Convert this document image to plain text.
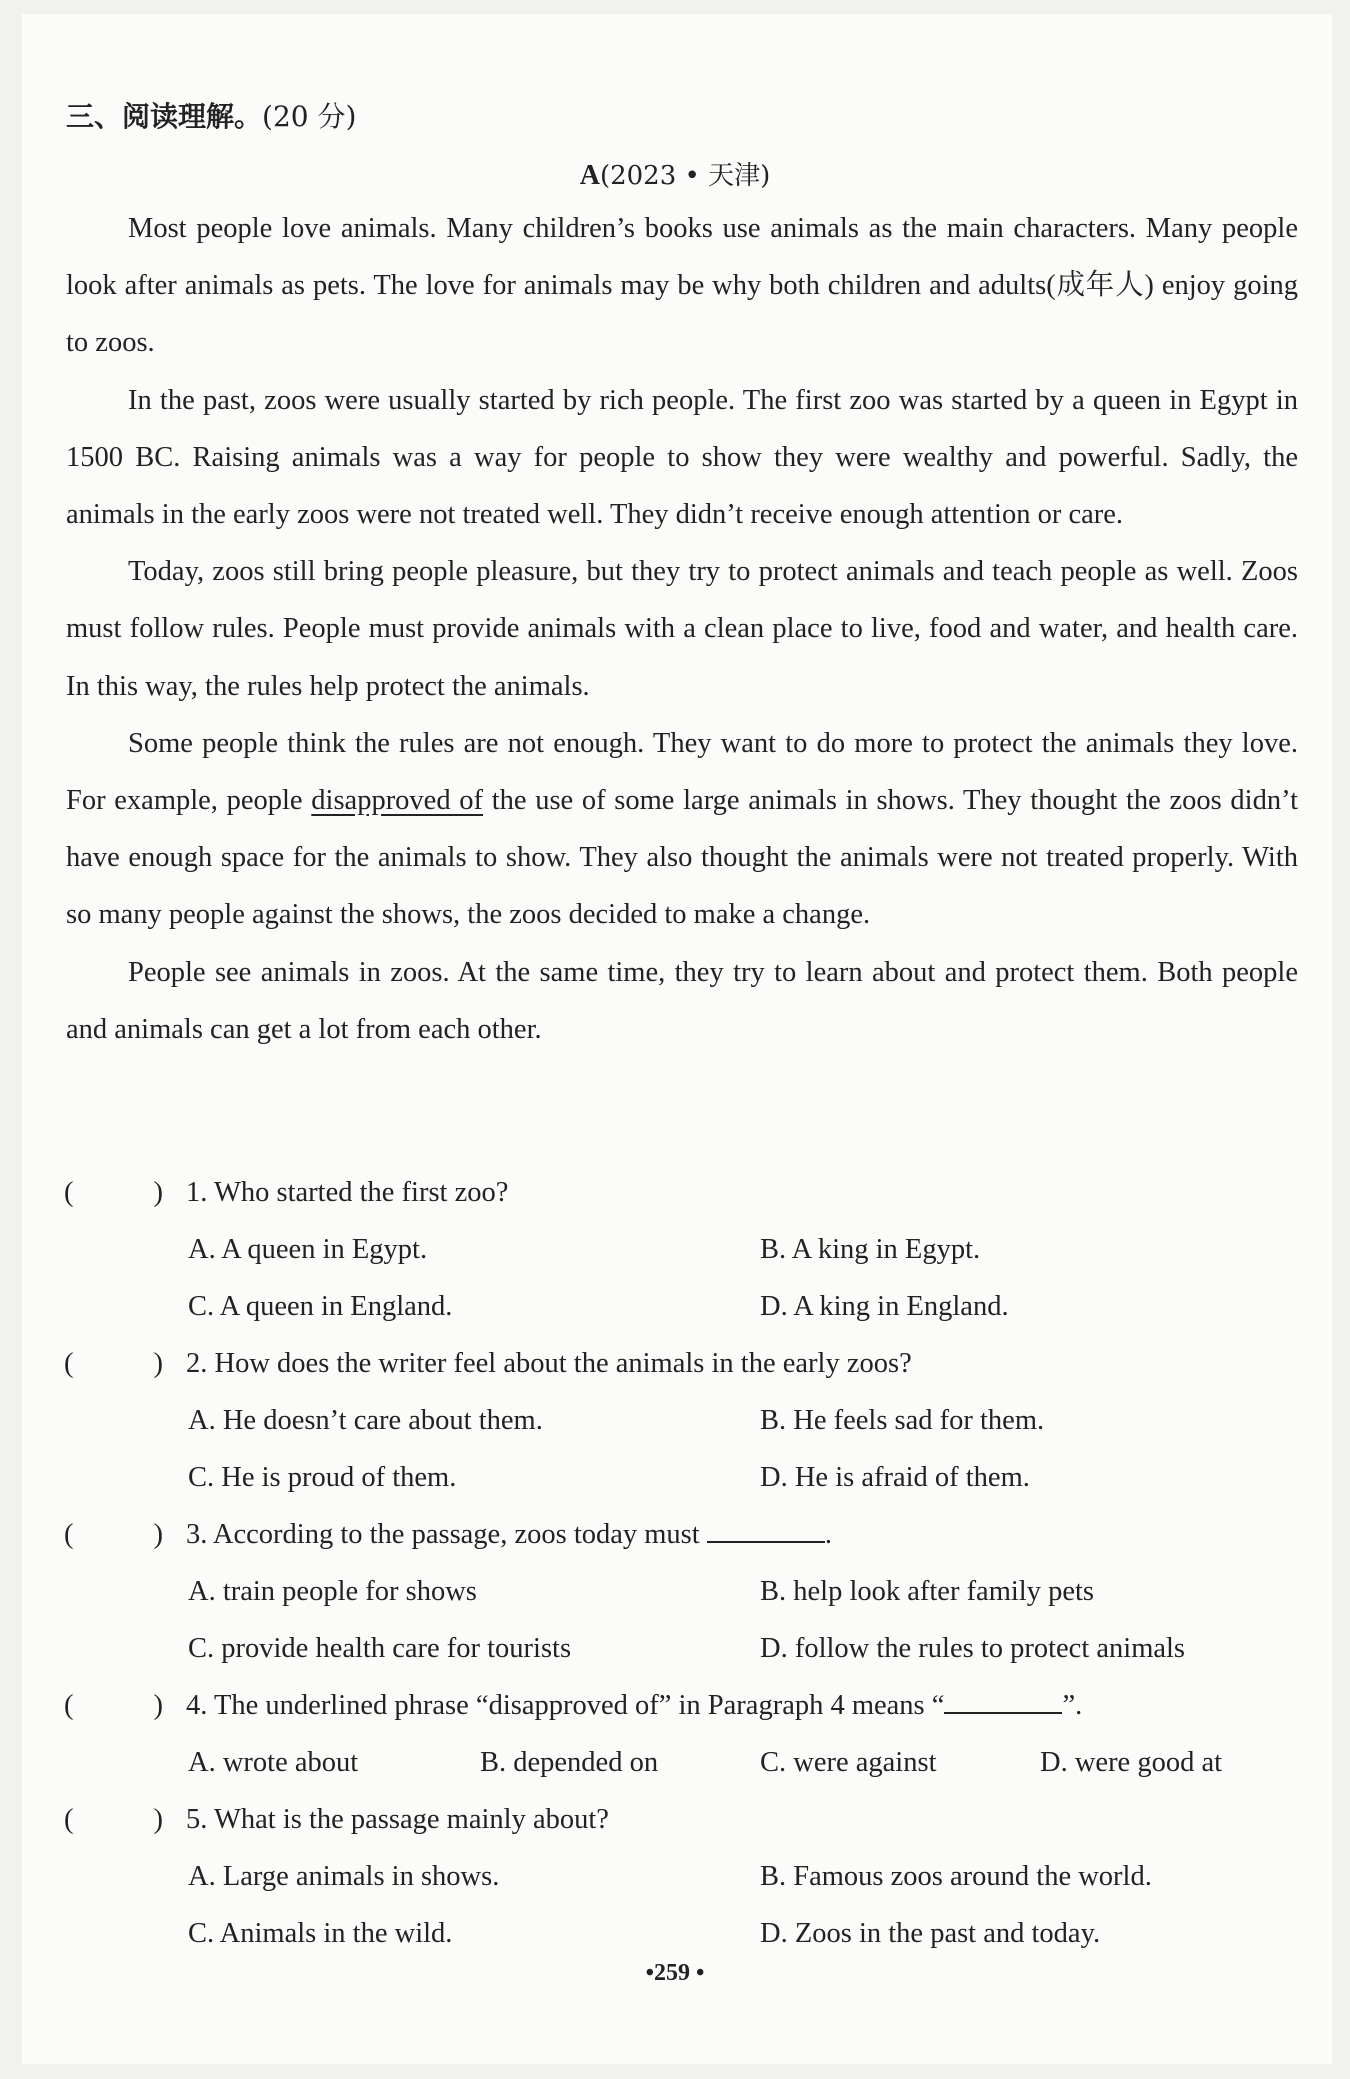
三、阅读理解。(20 分)
A(2023 • 天津)

Most people love animals. Many children’s books use animals as the main characters. Many people look after animals as pets. The love for animals may be why both children and adults(成年人) enjoy going to zoos.

In the past, zoos were usually started by rich people. The first zoo was started by a queen in Egypt in 1500 BC. Raising animals was a way for people to show they were wealthy and powerful. Sadly, the animals in the early zoos were not treated well. They didn’t receive enough attention or care.

Today, zoos still bring people pleasure, but they try to protect animals and teach people as well. Zoos must follow rules. People must provide animals with a clean place to live, food and water, and health care. In this way, the rules help protect the animals.

Some people think the rules are not enough. They want to do more to protect the animals they love. For example, people disapproved of the use of some large animals in shows. They thought the zoos didn’t have enough space for the animals to show. They also thought the animals were not treated properly. With so many people against the shows, the zoos decided to make a change.

People see animals in zoos. At the same time, they try to learn about and protect them. Both people and animals can get a lot from each other.

(	) 1. Who started the first zoo?
A. A queen in Egypt.	B. A king in Egypt.
C. A queen in England.	D. A king in England.
(	) 2. How does the writer feel about the animals in the early zoos?
A. He doesn’t care about them.	B. He feels sad for them.
C. He is proud of them.	D. He is afraid of them.
(	) 3. According to the passage, zoos today must	.
A. train people for shows	B. help look after family pets
C. provide health care for tourists	D. follow the rules to protect animals
(	) 4. The underlined phrase “disapproved of” in Paragraph 4 means “	”.
A. wrote about	B. depended on	C. were against	D. were good at
(	) 5. What is the passage mainly about?
A. Large animals in shows.	B. Famous zoos around the world.
C. Animals in the wild.	D. Zoos in the past and today.
•259 •
